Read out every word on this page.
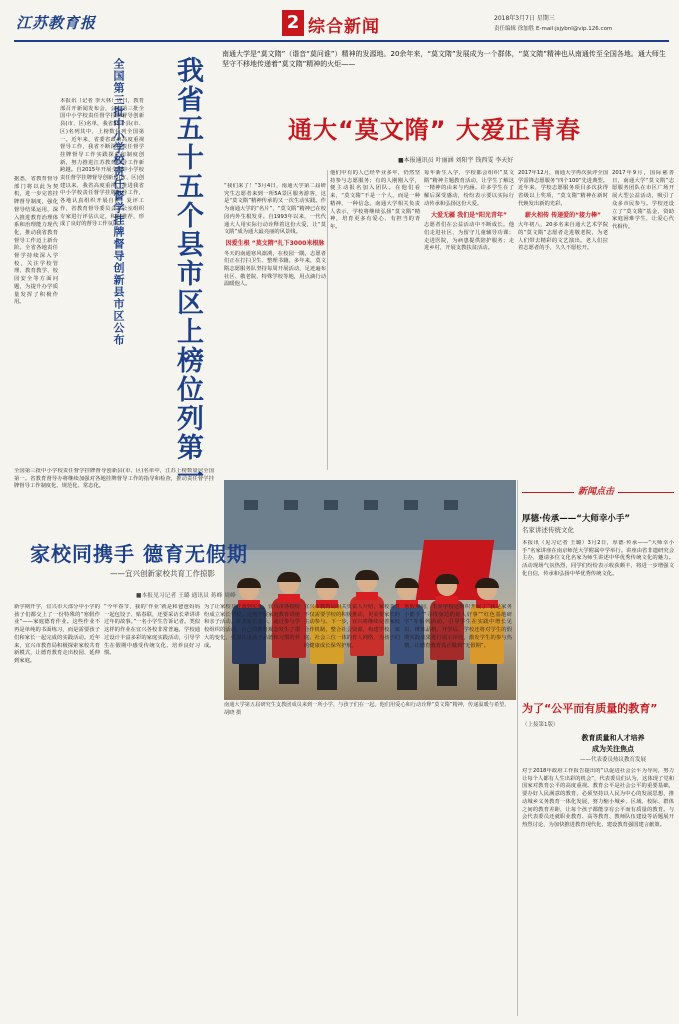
江苏教育报	2 综合新闻	2018年3月7日 星期三
责任编辑 徐加胜 E-mail:jsjybnl@vip.126.com
全国第三批中小学校责任督学挂牌督导创新县市区公布 我省五十五个县市区上榜位列第一
本报讯（记者 李大林）近日，教育部召开新闻发布会，公布第三批全国中小学校责任督学挂牌督导创新县(市、区)名单，我省55个县(市、区)名列其中，上榜数位列全国第一。近年来，省委省政府高度重视督导工作，我省不断深化责任督学挂牌督导工作实践探索和制度创新，努力推进江苏教育督导工作新跨越。自2015年开展全国中小学校责任督学挂牌督导创新县(市、区)创建以来，我省高度重视，推进我省中小学校责任督学挂牌督导工作，各地认真组织开展自评、复评工作，省教育督导委员会办公室组织专家进行评估认定，积极推荐，形成了良好的督导工作氛围。
据悉，省教育督导部门将以此为契机，进一步完善挂牌督导制度，强化督导结果运用，深入推进教育治理体系和治理能力现代化，推动我省教育督导工作迈上新台阶。全省各地责任督学持续深入学校，关注学校管理、教育教学、校园安全等方面问题，为提升办学质量发挥了积极作用。
全国第三批中小学校责任督学挂牌督导创新县(市、区)名单中，江苏上榜数量居全国第一。省教育督导办将继续加强对各地挂牌督导工作的指导和检查，推动责任督学挂牌督导工作制度化、规范化、常态化。
南通大学是“莫文隋”（谐音“莫问谁”）精神的发源地。20余年来，“莫文隋”发展成为一个群体，“莫文隋”精神也从南通传至全国各地。通大师生坚守不移地传递着“莫文隋”精神的火炬——
通大“莫文隋” 大爱正青春
■本报通讯员 叶丽涵 刘阳宇 钱西雯 李天好
“我们来了！”3月4日，南通大学第二届研究生志愿者来到一所5A景区服务游客，这是“莫文隋”精神传承的又一次生动实践。作为南通大学的“名片”，“莫文隋”精神已在校园内外生根发芽。自1993年以来，一代代通大人用实际行动诠释着这份大爱，让“莫文隋”成为通大最亮丽的风景线。
因爱生根 “莫文隋”扎下3000米根脉
冬天的南通寒风凛冽，在校园一隅，志愿者们正在打扫卫生、整理书籍。多年来，莫文隋志愿服务队坚持每周开展活动，足迹遍布社区、敬老院、特殊学校等地，用点滴行动温暖他人。
他们中有的人已经毕业多年，仍然坚持参与志愿服务；有的人刚刚入学，便主动报名加入团队。在他们看来，“莫文隋”不是一个人，而是一种精神、一种信念。南通大学相关负责人表示，学校将继续弘扬“莫文隋”精神，培育更多有爱心、有担当的青年。
每年新生入学，学校都会组织“莫文隋”精神主题教育活动，让学生了解这一精神的由来与内涵。许多学生在了解后深受感动，纷纷表示要以实际行动传承和弘扬这份大爱。
大爱无疆 我们是“阳光青年”
志愿者们在公益活动中不断成长。他们走进社区，为留守儿童辅导功课；走进医院，为病患提供陪护服务；走进乡村，开展支教扶贫活动。
2017年12月，南通大学再次获评全国学雷锋志愿服务“四个100”先进典型。近年来，学校志愿服务项目多次获得省级以上奖项，“莫文隋”精神在新时代焕发出新的光彩。
薪火相传 传递爱的“接力棒”
大年初八，20多名来自通大艺术学院的“莫文隋”志愿者走进敬老院，为老人们带去精彩的文艺演出。老人们拉着志愿者的手，久久不愿松开。
2017年9月，国际慈善日，南通大学“莫文隋”志愿服务团队在市区广场开展大型公益活动，吸引了众多市民参与。学校还设立了“莫文隋”基金，资助家庭困难学生，让爱心代代相传。
南通大学第五届研究生支教团成员来到一所小学，与孩子们在一起。他们用爱心和行动诠释“莫文隋”精神，传递温暖与希望。 胡晓 摄
新闻点击
厚德·传承——“大师幸小手”
名家讲述传统文化
本报讯（见习记者 王璐）3月2日，厚德·传承——“大师幸小手”名家讲座在南京师范大学附属中学举行。讲座由省非遗研究会主办，邀请多位文化名家为师生讲述中华优秀传统文化的魅力。活动现场气氛热烈，同学们纷纷表示收获颇丰，将进一步增强文化自信，传承和弘扬中华优秀传统文化。
为了“公平而有质量的教育”
（上接第1版）
教育质量和人才培养
成为关注焦点
——代表委员热议教育发展
对于2018年政府工作报告提出的“以促进社会公平为导向，努力让每个人都有人生出彩的机会”，代表委员们认为，这体现了党和国家对教育公平的高度重视。教育公平是社会公平的重要基础，要办好人民满意的教育，必须坚持以人民为中心的发展思想，推动城乡义务教育一体化发展，努力缩小城乡、区域、校际、群体之间的教育差距，让每个孩子都能享有公平而有质量的教育。与会代表委员还就职业教育、高等教育、教师队伍建设等话题展开热烈讨论，为加快推进教育现代化、建设教育强国建言献策。
家校同携手 德育无假期
——宜兴创新家校共育工作掠影
■本报见习记者 王璐 通讯员 蒋峰 周峰
新学期开学，宜兴市大部分中小学的孩子们都交上了一份特殊的“寒假作业”——家庭德育作业。这些作业不再是单纯的书面练习，而是需要孩子们和家长一起完成的实践活动。近年来，宜兴市教育局积极探索家校共育新模式，让德育教育走出校园、延伸到家庭。
“今年春节，我的‘作业’就是和爸爸妈妈一起包饺子、贴春联，还要采访长辈讲讲过年的故事。”一名小学生告诉记者。类似这样的作业在宜兴各校非常普遍，学校通过设计丰富多彩的家庭实践活动，引导学生在假期中感受传统文化、培养良好习惯。
为了让家校共育落到实处，宜兴市各校纷纷成立家长学校，定期开展家庭教育讲座和亲子活动。许多家长表示，通过参与学校组织的活动，自己的教育观念发生了很大的变化，更加注重孩子品德和习惯的养成。
宜兴市教育局相关负责人介绍，家校共育不仅需要学校的积极推动，更需要家长的主动参与。下一步，宜兴将继续完善家校合作机制，整合社会资源，构建学校、家庭、社会三位一体的育人网络，为孩子们的健康成长保驾护航。
寒假期间，不少学校还组织开展了“我是家务小能手”“寻找身边的好人好事”“红色基地研学”等系列活动，引导学生在实践中增长见识、锤炼品格。开学后，学校还将对学生的假期实践成果进行展示评比，激发学生的参与热情，让德育教育真正做到“无假期”。
